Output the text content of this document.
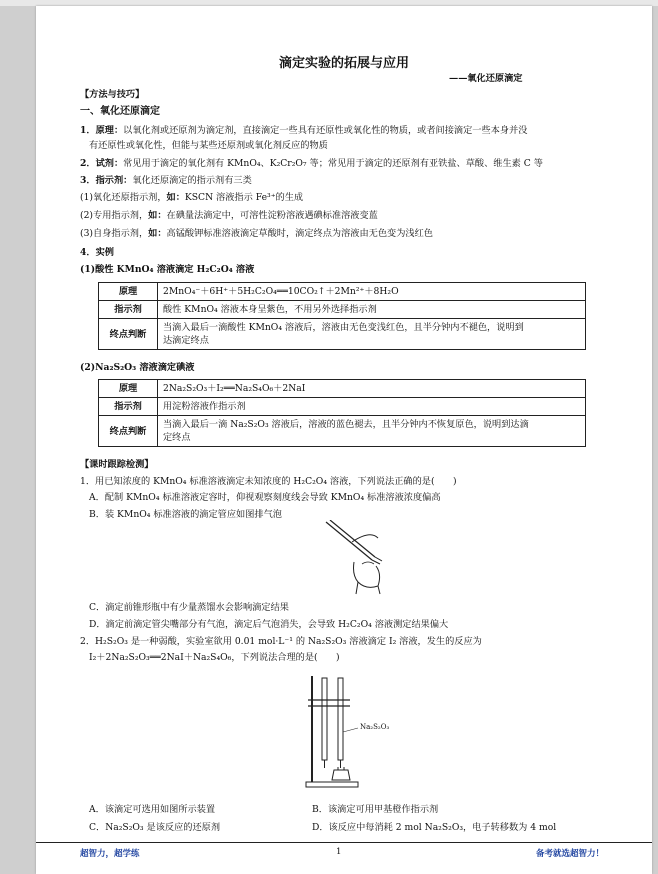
滴定实验的拓展与应用
——氧化还原滴定
【方法与技巧】
一、氧化还原滴定
1．原理：以氧化剂或还原剂为滴定剂，直接滴定一些具有还原性或氧化性的物质，或者间接滴定一些本身并没
有还原性或氧化性，但能与某些还原剂或氧化剂反应的物质
2．试剂：常见用于滴定的氧化剂有 KMnO₄、K₂Cr₂O₇ 等；常见用于滴定的还原剂有亚铁盐、草酸、维生素 C 等
3．指示剂：氧化还原滴定的指示剂有三类
(1)氧化还原指示剂，如：KSCN 溶液指示 Fe³⁺的生成
(2)专用指示剂，如：在碘量法滴定中，可溶性淀粉溶液遇碘标准溶液变蓝
(3)自身指示剂，如：高锰酸钾标准溶液滴定草酸时，滴定终点为溶液由无色变为浅红色
4．实例
(1)酸性 KMnO₄ 溶液滴定 H₂C₂O₄ 溶液
原理	2MnO₄⁻＋6H⁺＋5H₂C₂O₄══10CO₂↑＋2Mn²⁺＋8H₂O
指示剂	酸性 KMnO₄ 溶液本身呈紫色，不用另外选择指示剂
终点判断	当滴入最后一滴酸性 KMnO₄ 溶液后，溶液由无色变浅红色，且半分钟内不褪色，说明到
达滴定终点
(2)Na₂S₂O₃ 溶液滴定碘液
原理	2Na₂S₂O₃＋I₂══Na₂S₄O₆＋2NaI
指示剂	用淀粉溶液作指示剂
终点判断	当滴入最后一滴 Na₂S₂O₃ 溶液后，溶液的蓝色褪去，且半分钟内不恢复原色，说明到达滴
定终点
【课时跟踪检测】
1．用已知浓度的 KMnO₄ 标准溶液滴定未知浓度的 H₂C₂O₄ 溶液，下列说法正确的是(　　)
A．配制 KMnO₄ 标准溶液定容时，仰视观察刻度线会导致 KMnO₄ 标准溶液浓度偏高
B．装 KMnO₄ 标准溶液的滴定管应如图排气泡
C．滴定前锥形瓶中有少量蒸馏水会影响滴定结果
D．滴定前滴定管尖嘴部分有气泡，滴定后气泡消失，会导致 H₂C₂O₄ 溶液测定结果偏大
2．H₂S₂O₃ 是一种弱酸，实验室欲用 0.01 mol·L⁻¹ 的 Na₂S₂O₃ 溶液滴定 I₂ 溶液，发生的反应为
I₂＋2Na₂S₂O₃══2NaI＋Na₂S₄O₆，下列说法合理的是(　　)
Na₂S₂O₃
A．该滴定可选用如图所示装置	B．该滴定可用甲基橙作指示剂
C．Na₂S₂O₃ 是该反应的还原剂	D．该反应中每消耗 2 mol Na₂S₂O₃，电子转移数为 4 mol
超智力，超学练	1	备考就选超智力！
